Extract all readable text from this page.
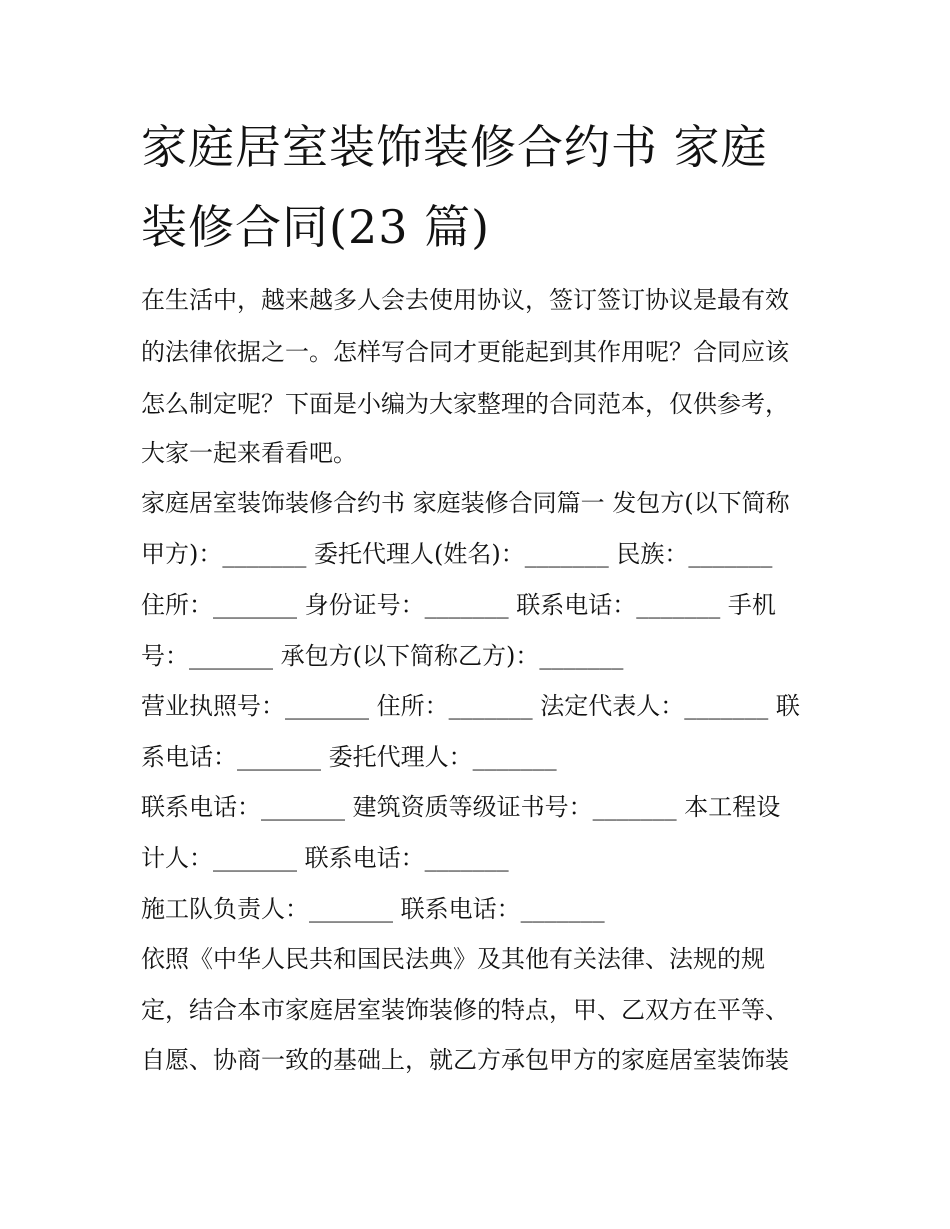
家庭居室装饰装修合约书 家庭
装修合同(23 篇)

在生活中，越来越多人会去使用协议，签订签订协议是最有效

的法律依据之一。怎样写合同才更能起到其作用呢？合同应该

怎么制定呢？下面是小编为大家整理的合同范本，仅供参考，

大家一起来看看吧。

家庭居室装饰装修合约书 家庭装修合同篇一 发包方(以下简称

甲方)：_______ 委托代理人(姓名)：_______ 民族：_______

住所：_______ 身份证号：_______ 联系电话：_______ 手机

号：_______ 承包方(以下简称乙方)：_______

营业执照号：_______ 住所：_______ 法定代表人：_______ 联

系电话：_______ 委托代理人：_______

联系电话：_______ 建筑资质等级证书号：_______ 本工程设

计人：_______ 联系电话：_______

施工队负责人：_______ 联系电话：_______

依照《中华人民共和国民法典》及其他有关法律、法规的规

定，结合本市家庭居室装饰装修的特点，甲、乙双方在平等、

自愿、协商一致的基础上，就乙方承包甲方的家庭居室装饰装
